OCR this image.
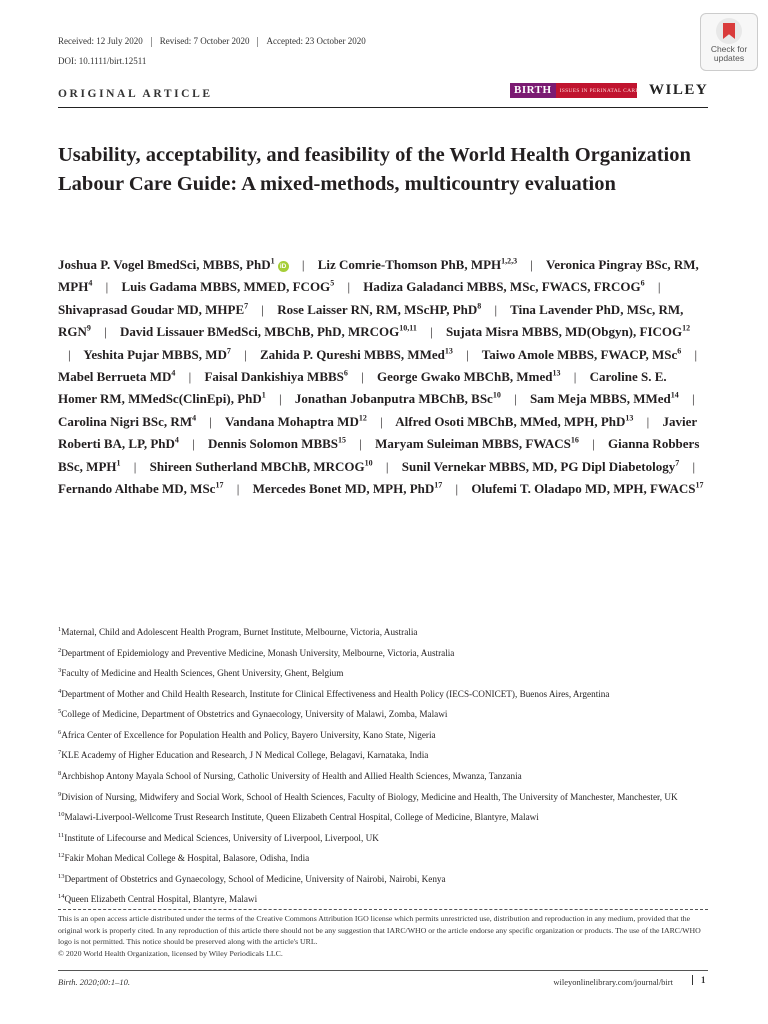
Received: 12 July 2020 Revised: 7 October 2020 Accepted: 23 October 2020
DOI: 10.1111/birt.12511
ORIGINAL ARTICLE
Check for updates
BIRTH	ISSUES IN PERINATAL CARE WILEY
Usability, acceptability, and feasibility of the World Health Organization Labour Care Guide: A mixed-methods, multicountry evaluation
Joshua P. Vogel BmedSci, MBBS, PhD$^1$iD | Liz Comrie-Thomson PhB, MPH$^{1,2,3}$ | Veronica Pingray BSc, RM, MPH$^4$ | Luis Gadama MBBS, MMED, FCOG$^5$ | Hadiza Galadanci MBBS, MSc, FWACS, FRCOG$^6$ | Shivaprasad Goudar MD, MHPE$^7$ | Rose Laisser RN, RM, MScHP, PhD$^8$ | Tina Lavender PhD, MSc, RM, RGN$^9$ | David Lissauer BMedSci, MBChB, PhD, MRCOG$^{10,11}$ | Sujata Misra MBBS, MD(Obgyn), FICOG$^{12}$ | Yeshita Pujar MBBS, $MD^7$ | Zahida P. Qureshi MBBS, MMed$^{13}$ | Taiwo Amole MBBS, FWACP, MSc$^6$ | Mabel Berrueta $MD^4$ | Faisal Dankishiya MBBS$^6$ | George Gwako MBChB, Mmed$^{13}$ | Caroline S. E. Homer RM, MMedSc(ClinEpi), PhD$^1$ | Jonathan Jobanputra MBChB, BSc$^{10}$ | Sam Meja MBBS, MMed$^{14}$ | Carolina Nigri BSc, $RM^4$ | Vandana Mohaptra MD$^{12}$ | Alfred Osoti MBChB, MMed, MPH, PhD$^{13}$ | Javier Roberti BA, LP, PhD$^4$ | Dennis Solomon MBBS$^{15}$ | Maryam Suleiman MBBS, FWACS$^{16}$ | Gianna Robbers BSc, MPH$^1$ | Shireen Sutherland MBChB, MRCOG$^{10}$ | Sunil Vernekar MBBS, MD, PG Dipl Diabetology$^7$ | Fernando Althabe MD, MSc$^{17}$ | Mercedes Bonet MD, MPH, PhD$^{17}$ | Olufemi T. Oladapo MD, MPH, FWACS$^{17}$
$^1$Maternal, Child and Adolescent Health Program, Burnet Institute, Melbourne, Victoria, Australia
$^2$Department of Epidemiology and Preventive Medicine, Monash University, Melbourne, Victoria, Australia
$^3$Faculty of Medicine and Health Sciences, Ghent University, Ghent, Belgium
$^4$Department of Mother and Child Health Research, Institute for Clinical Effectiveness and Health Policy (IECS-CONICET), Buenos Aires, Argentina
$^5$College of Medicine, Department of Obstetrics and Gynaecology, University of Malawi, Zomba, Malawi
$^6$Africa Center of Excellence for Population Health and Policy, Bayero University, Kano State, Nigeria
$^7$KLE Academy of Higher Education and Research, J N Medical College, Belagavi, Karnataka, India
$^8$Archbishop Antony Mayala School of Nursing, Catholic University of Health and Allied Health Sciences, Mwanza, Tanzania
$^9$Division of Nursing, Midwifery and Social Work, School of Health Sciences, Faculty of Biology, Medicine and Health, The University of Manchester, Manchester, UK
$^{10}$Malawi-Liverpool-Wellcome Trust Research Institute, Queen Elizabeth Central Hospital, College of Medicine, Blantyre, Malawi
$^{11}$Institute of Lifecourse and Medical Sciences, University of Liverpool, Liverpool, UK
$^{12}$Fakir Mohan Medical College & Hospital, Balasore, Odisha, India
$^{13}$Department of Obstetrics and Gynaecology, School of Medicine, University of Nairobi, Nairobi, Kenya
$^{14}$Queen Elizabeth Central Hospital, Blantyre, Malawi
This is an open access article distributed under the terms of the Creative Commons Attribution IGO license which permits unrestricted use, distribution and reproduction in any medium, provided that the original work is properly cited. In any reproduction of this article there should not be any suggestion that IARC/WHO or the article endorse any specific organization or products. The use of the IARC/WHO logo is not permitted. This notice should be preserved along with the article's URL.
© 2020 World Health Organization, licensed by Wiley Periodicals LLC.
Birth. 2020;00:1–10.	wileyonlinelibrary.com/journal/birt	1
